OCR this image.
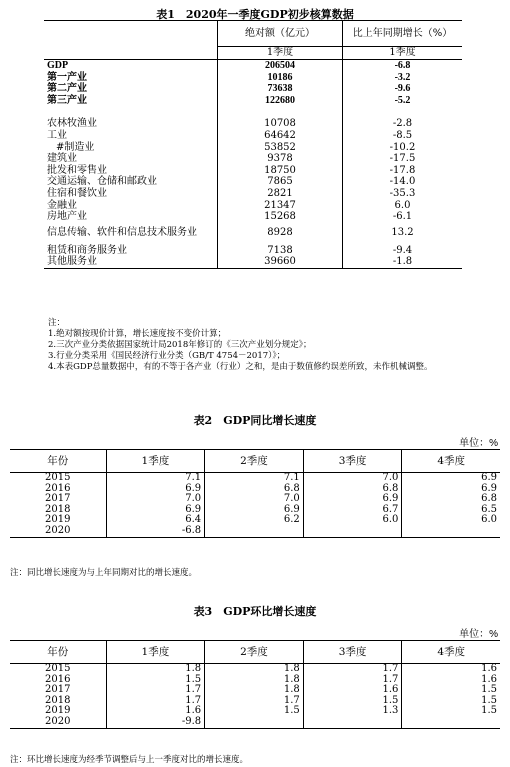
表1　2020年一季度GDP初步核算数据
	绝对额（亿元）	比上年同期增长（%）
	1季度	1季度
GDP	206504	-6.8
第一产业	10186	-3.2
第二产业	73638	-9.6
第三产业	122680	-5.2

农林牧渔业	10708	-2.8
工业	64642	-8.5
#制造业	53852	-10.2
建筑业	9378	-17.5
批发和零售业	18750	-17.8
交通运输、仓储和邮政业	7865	-14.0
住宿和餐饮业	2821	-35.3
金融业	21347	6.0
房地产业	15268	-6.1
信息传输、软件和信息技术服务业	8928	13.2
租赁和商务服务业	7138	-9.4
其他服务业	39660	-1.8
注：
1.绝对额按现价计算，增长速度按不变价计算；
2.三次产业分类依据国家统计局2018年修订的《三次产业划分规定》；
3.行业分类采用《国民经济行业分类（GB/T 4754－2017）》；
4.本表GDP总量数据中，有的不等于各产业（行业）之和，是由于数值修约误差所致，未作机械调整。
表2　GDP同比增长速度
单位：%
年份	1季度	2季度	3季度	4季度
2015	7.1	7.1	7.0	6.9
2016	6.9	6.8	6.8	6.9
2017	7.0	7.0	6.9	6.8
2018	6.9	6.9	6.7	6.5
2019	6.4	6.2	6.0	6.0
2020	-6.8			
注：同比增长速度为与上年同期对比的增长速度。
表3　GDP环比增长速度
单位：%
年份	1季度	2季度	3季度	4季度
2015	1.8	1.8	1.7	1.6
2016	1.5	1.8	1.7	1.6
2017	1.7	1.8	1.6	1.5
2018	1.7	1.7	1.5	1.5
2019	1.6	1.5	1.3	1.5
2020	-9.8			
注：环比增长速度为经季节调整后与上一季度对比的增长速度。
